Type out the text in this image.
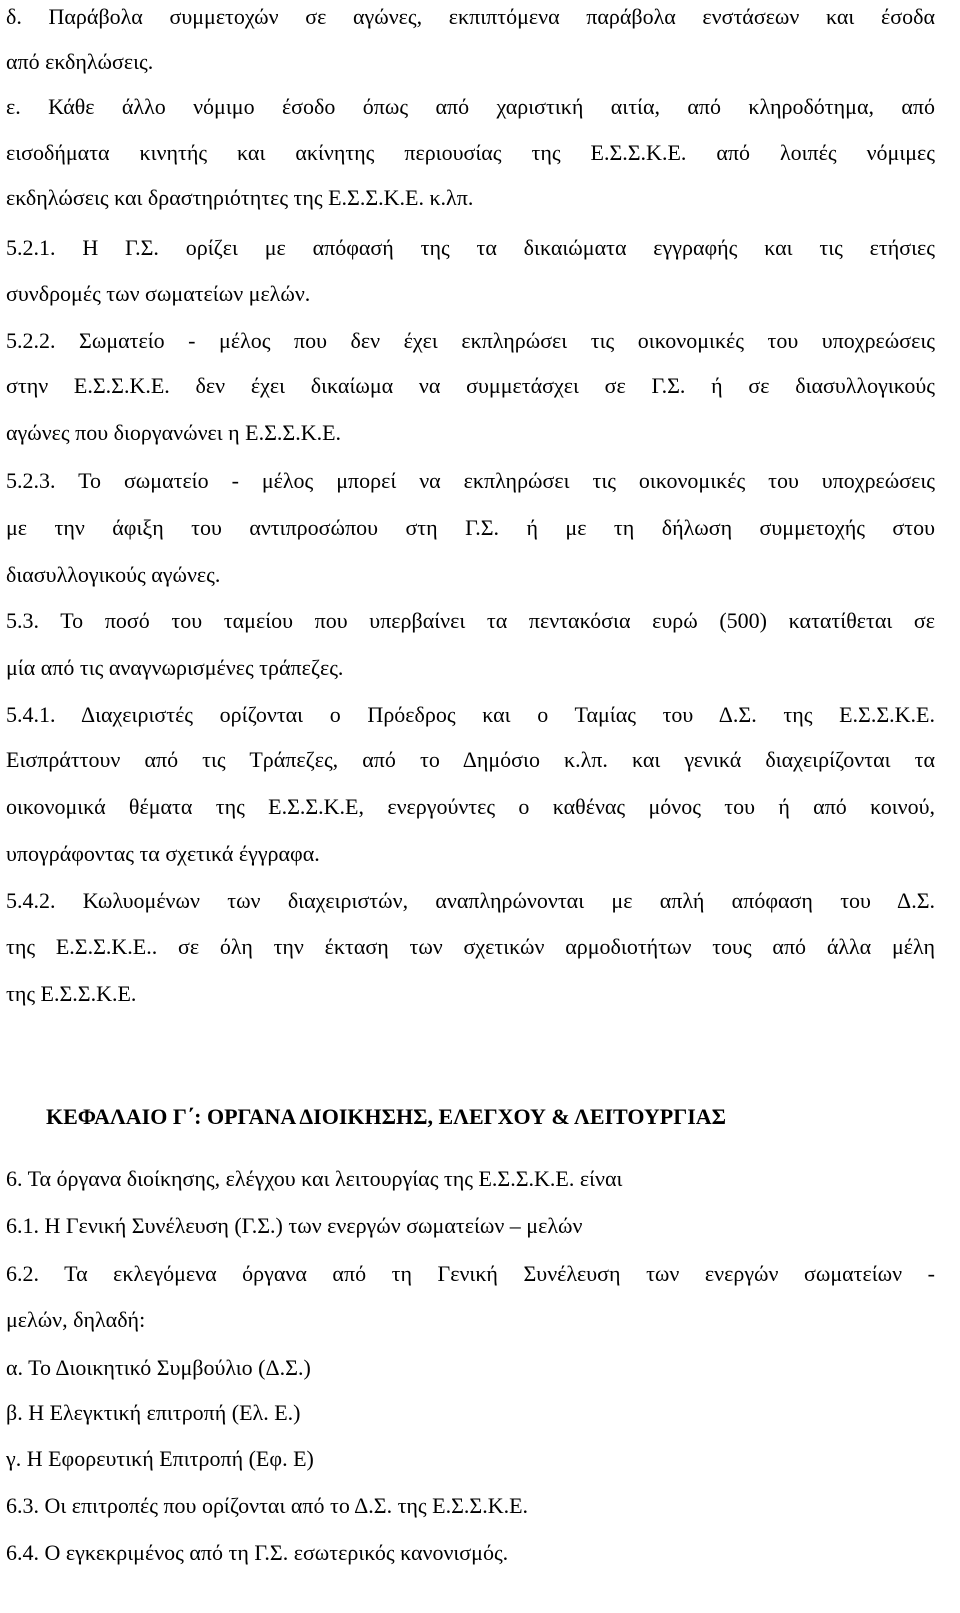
δ. Παράβολα συμμετοχών σε αγώνες, εκπιπτόμενα παράβολα ενστάσεων και έσοδα
από εκδηλώσεις.
ε. Κάθε άλλο νόμιμο έσοδο όπως από χαριστική αιτία, από κληροδότημα, από
εισοδήματα κινητής και ακίνητης περιουσίας της Ε.Σ.Σ.Κ.Ε. από λοιπές νόμιμες
εκδηλώσεις και δραστηριότητες της Ε.Σ.Σ.Κ.Ε. κ.λπ.
5.2.1. Η Γ.Σ. ορίζει με απόφασή της τα δικαιώματα εγγραφής και τις ετήσιες
συνδρομές των σωματείων μελών.
5.2.2. Σωματείο - μέλος που δεν έχει εκπληρώσει τις οικονομικές του υποχρεώσεις
στην Ε.Σ.Σ.Κ.Ε. δεν έχει δικαίωμα να συμμετάσχει σε Γ.Σ. ή σε διασυλλογικούς
αγώνες που διοργανώνει η Ε.Σ.Σ.Κ.Ε.
5.2.3. Το σωματείο - μέλος μπορεί να εκπληρώσει τις οικονομικές του υποχρεώσεις
με την άφιξη του αντιπροσώπου στη Γ.Σ. ή με τη δήλωση συμμετοχής στου
διασυλλογικούς αγώνες.
5.3. Το ποσό του ταμείου που υπερβαίνει τα πεντακόσια ευρώ (500) κατατίθεται σε
μία από τις αναγνωρισμένες τράπεζες.
5.4.1. Διαχειριστές ορίζονται ο Πρόεδρος και ο Ταμίας του Δ.Σ. της Ε.Σ.Σ.Κ.Ε.
Εισπράττουν από τις Τράπεζες, από το Δημόσιο κ.λπ. και γενικά διαχειρίζονται τα
οικονομικά θέματα της Ε.Σ.Σ.Κ.Ε, ενεργούντες ο καθένας μόνος του ή από κοινού,
υπογράφοντας τα σχετικά έγγραφα.
5.4.2. Κωλυομένων των διαχειριστών, αναπληρώνονται με απλή απόφαση του Δ.Σ.
της Ε.Σ.Σ.Κ.Ε.. σε όλη την έκταση των σχετικών αρμοδιοτήτων τους από άλλα μέλη
της Ε.Σ.Σ.Κ.Ε.
ΚΕΦΑΛΑΙΟ Γ΄: ΟΡΓΑΝΑ ΔΙΟΙΚΗΣΗΣ, ΕΛΕΓΧΟΥ & ΛΕΙΤΟΥΡΓΙΑΣ
6. Τα όργανα διοίκησης, ελέγχου και λειτουργίας της Ε.Σ.Σ.Κ.Ε. είναι
6.1. Η Γενική Συνέλευση (Γ.Σ.) των ενεργών σωματείων – μελών
6.2. Τα εκλεγόμενα όργανα από τη Γενική Συνέλευση των ενεργών σωματείων -
μελών, δηλαδή:
α. Το Διοικητικό Συμβούλιο (Δ.Σ.)
β. Η Ελεγκτική επιτροπή (Ελ. Ε.)
γ. Η Εφορευτική Επιτροπή (Εφ. Ε)
6.3. Οι επιτροπές που ορίζονται από το Δ.Σ. της Ε.Σ.Σ.Κ.Ε.
6.4. Ο εγκεκριμένος από τη Γ.Σ. εσωτερικός κανονισμός.
